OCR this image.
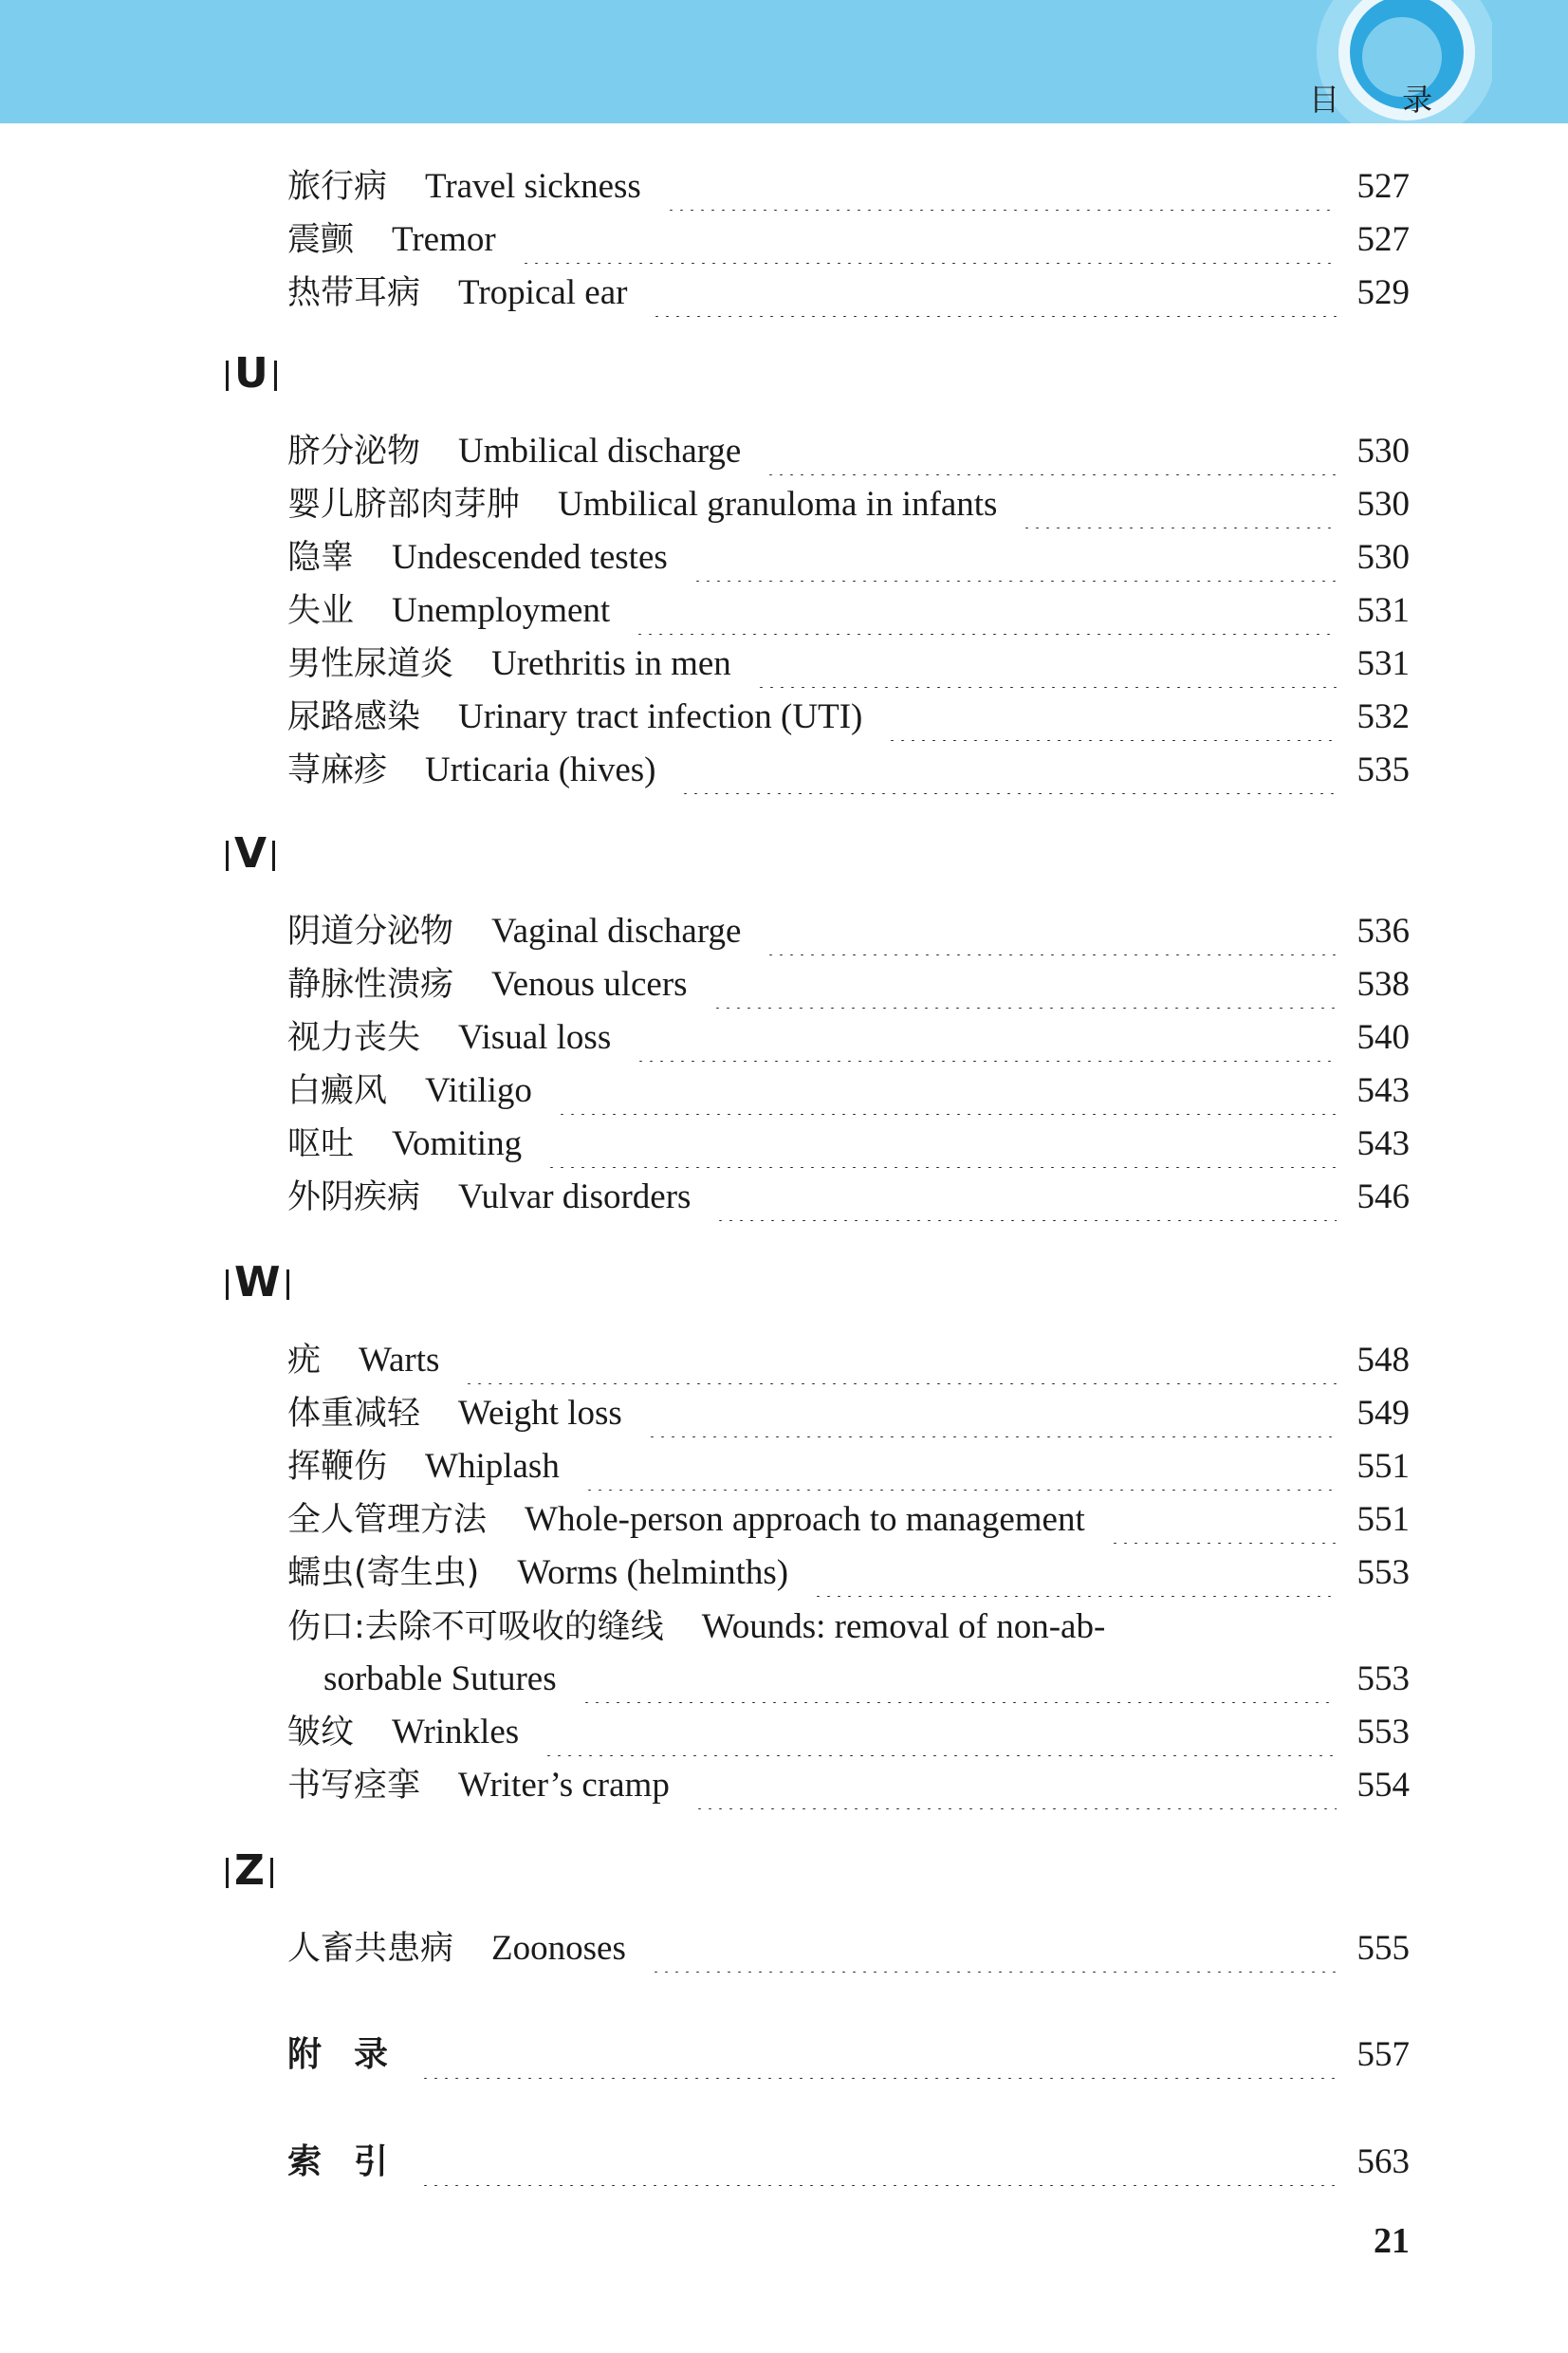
目 录
旅行病 Travel sickness	527
震颤 Tremor	527
热带耳病 Tropical ear	529
U
脐分泌物 Umbilical discharge	530
婴儿脐部肉芽肿 Umbilical granuloma in infants	530
隐睾 Undescended testes	530
失业 Unemployment	531
男性尿道炎 Urethritis in men	531
尿路感染 Urinary tract infection (UTI)	532
荨麻疹 Urticaria (hives)	535
V
阴道分泌物 Vaginal discharge	536
静脉性溃疡 Venous ulcers	538
视力丧失 Visual loss	540
白癜风 Vitiligo	543
呕吐 Vomiting	543
外阴疾病 Vulvar disorders	546
W
疣 Warts	548
体重减轻 Weight loss	549
挥鞭伤 Whiplash	551
全人管理方法 Whole-person approach to management	551
蠕虫(寄生虫) Worms (helminths)	553
伤口:去除不可吸收的缝线 Wounds: removal of non-ab-
sorbable Sutures	553
皱纹 Wrinkles	553
书写痉挛 Writer’s cramp	554
Z
人畜共患病 Zoonoses	555
附录	557
索引	563
21
